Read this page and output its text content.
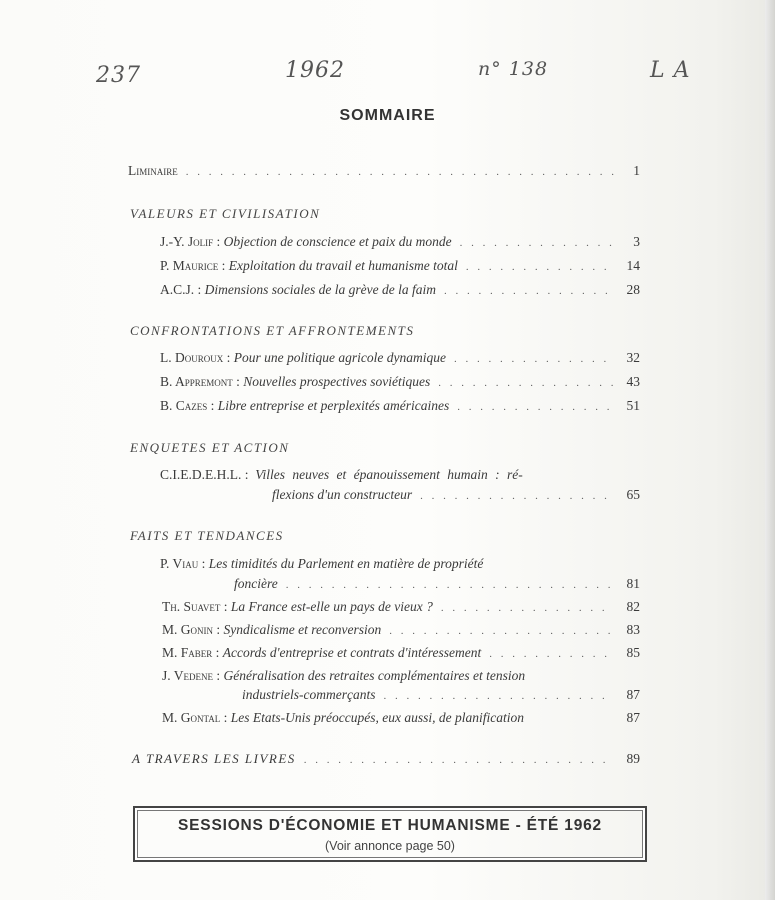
237	1962	n° 138	L A
SOMMAIRE
Liminaire . . .	1
VALEURS ET CIVILISATION
J.-Y. Jolif :
Objection de conscience et paix du monde . . .	3
P. Maurice :
Exploitation du travail et humanisme total . . .	14
A.C.J. :
Dimensions sociales de la grève de la faim . . .	28
CONFRONTATIONS ET AFFRONTEMENTS
L. Douroux :
Pour une politique agricole dynamique . . .	32
B. Appremont :
Nouvelles prospectives soviétiques . . .	43
B. Cazes :
Libre entreprise et perplexités américaines . . .	51
ENQUETES ET ACTION
C.I.E.D.E.H.L. : Villes neuves et épanouissement humain : ré-
flexions d'un constructeur . . .	65
FAITS ET TENDANCES
P. Viau : Les timidités du Parlement en matière de propriété
foncière . . .	81
Th. Suavet :
La France est-elle un pays de vieux ? . . .	82
M. Gonin :
Syndicalisme et reconversion . . .	83
M. Faber :
Accords d'entreprise et contrats d'intéressement . . .	85
J. Vedene : Généralisation des retraites complémentaires et tension
industriels-commerçants . . .	87
M. Gontal :
Les Etats-Unis préoccupés, eux aussi, de planification	87
A TRAVERS LES LIVRES . . .	89
SESSIONS D'ÉCONOMIE ET HUMANISME - ÉTÉ 1962
(Voir annonce page 50)
